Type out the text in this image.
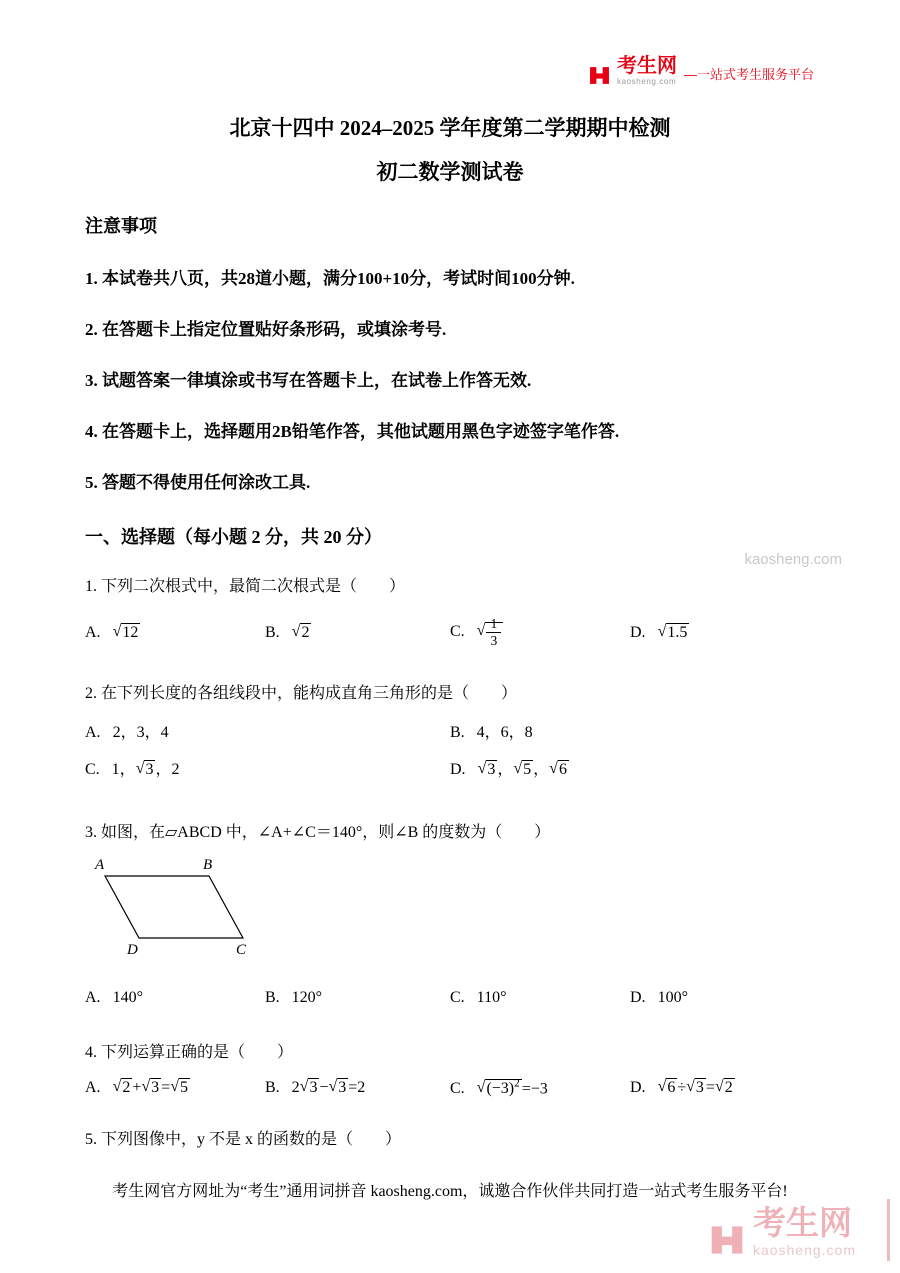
考生网
kaosheng.com —一站式考生服务平台
北京十四中 2024–2025 学年度第二学期期中检测
初二数学测试卷
注意事项

1. 本试卷共八页，共28道小题，满分100+10分，考试时间100分钟.

2. 在答题卡上指定位置贴好条形码，或填涂考号.

3. 试题答案一律填涂或书写在答题卡上，在试卷上作答无效.

4. 在答题卡上，选择题用2B铅笔作答，其他试题用黑色字迹签字笔作答.

5. 答题不得使用任何涂改工具.

一、选择题（每小题 2 分，共 20 分）

1. 下列二次根式中，最简二次根式是（　　）

A. √12	B. √2	C. √ $\frac{1}{3}$	D. √1.5

2. 在下列长度的各组线段中，能构成直角三角形的是（　　）

A. 2，3，4	B. 4，6，8
C. 1，√3 ，2	D. √3 ，√5 ，√6

3. 如图，在▱ABCD 中，∠A+∠C＝140°，则∠B 的度数为（　　）

A	B
C
D
A. 140°	B. 120°	C. 110°	D. 100°

4. 下列运算正确的是（　　）

A. √2 +√3 =√5	B. 2√3 −√3 =2	C. $√(-3)^2 =-3$	D. √6 ÷√3 =√2

5. 下列图像中，y 不是 x 的函数的是（　　）

考生网官方网址为“考生”通用词拼音 kaosheng.com，诚邀合作伙伴共同打造一站式考生服务平台!
kaosheng.com
考生网
kaosheng.com
